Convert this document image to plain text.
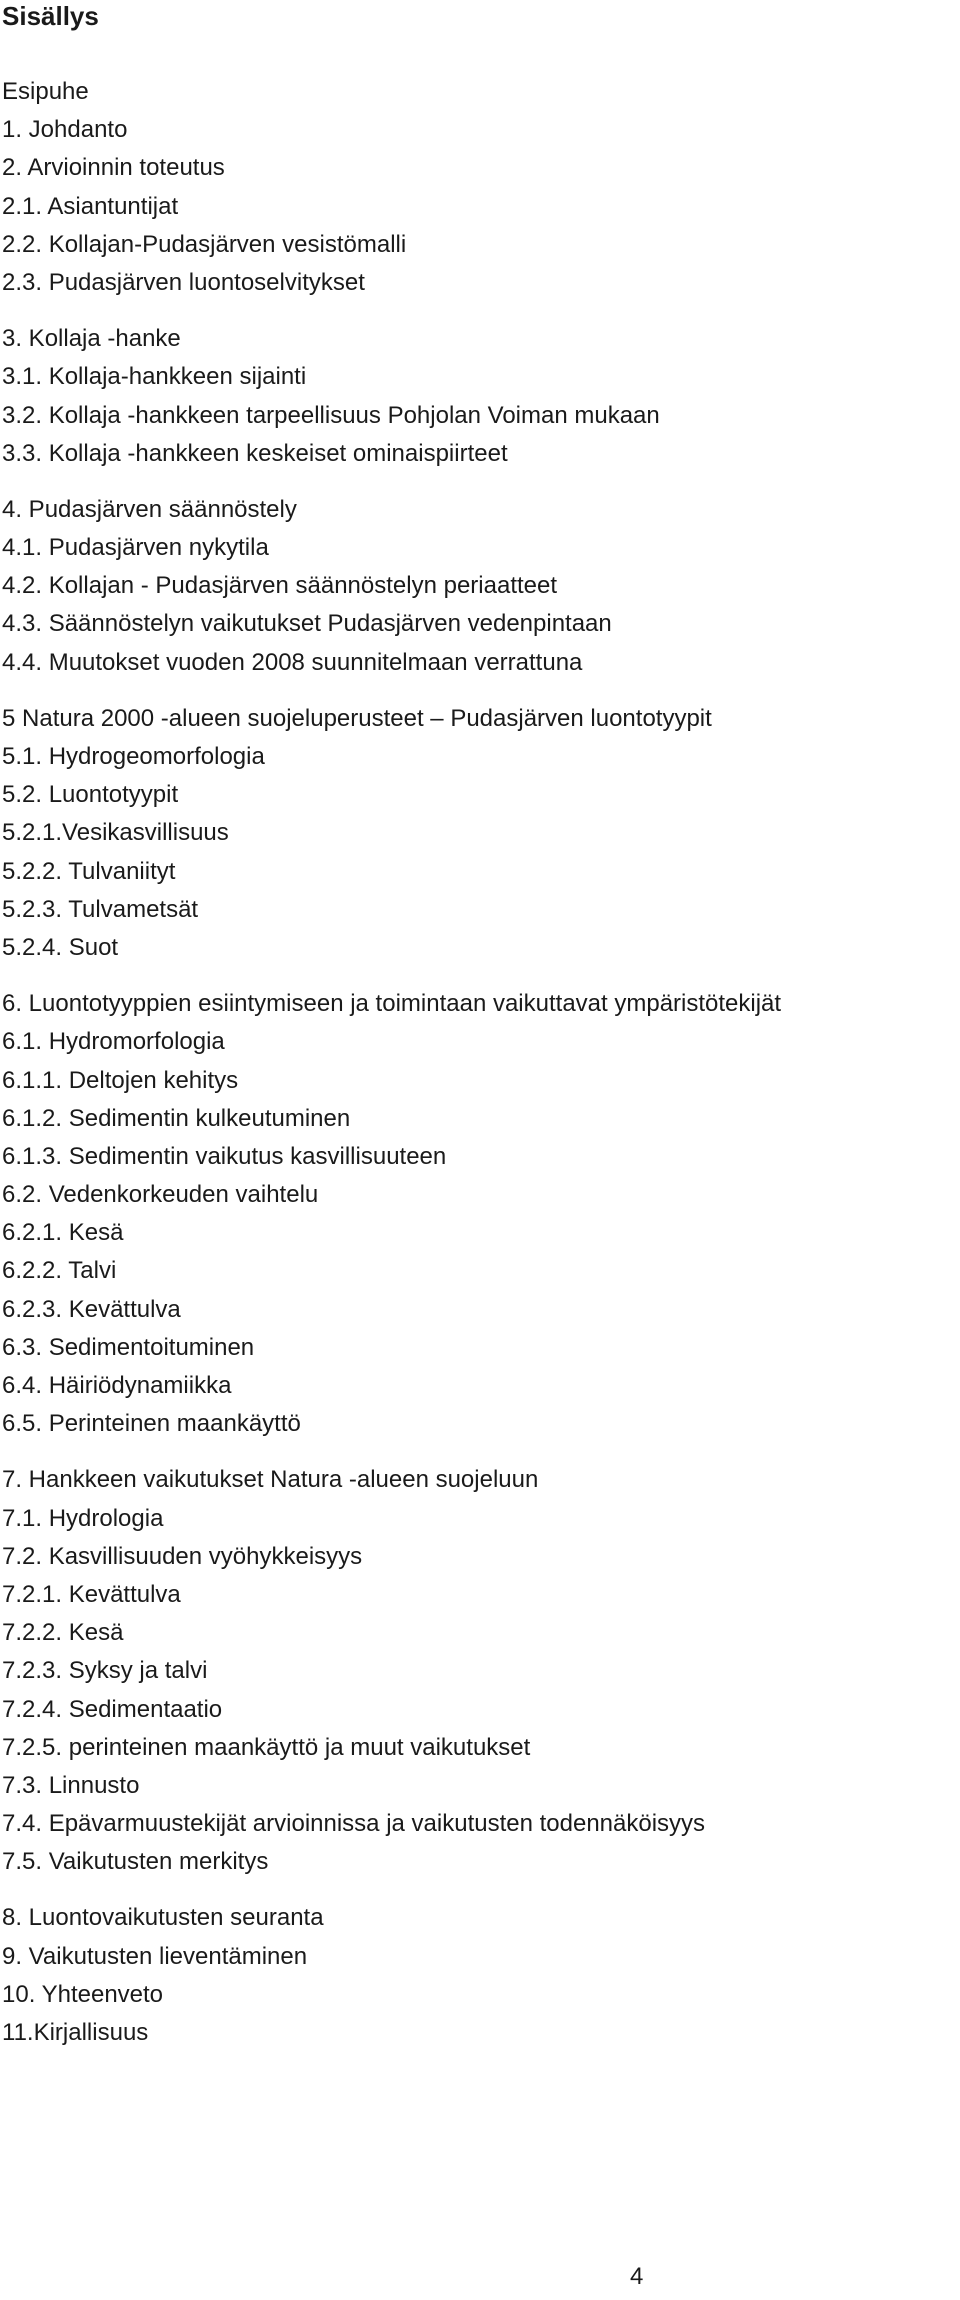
Sisällys
Esipuhe
1. Johdanto
2. Arvioinnin toteutus
2.1. Asiantuntijat
2.2. Kollajan-Pudasjärven vesistömalli
2.3. Pudasjärven luontoselvitykset
3. Kollaja -hanke
3.1. Kollaja-hankkeen sijainti
3.2. Kollaja -hankkeen tarpeellisuus Pohjolan Voiman mukaan
3.3. Kollaja -hankkeen keskeiset ominaispiirteet
4. Pudasjärven säännöstely
4.1. Pudasjärven nykytila
4.2. Kollajan - Pudasjärven säännöstelyn periaatteet
4.3. Säännöstelyn vaikutukset Pudasjärven vedenpintaan
4.4. Muutokset vuoden 2008 suunnitelmaan verrattuna
5 Natura 2000 -alueen suojeluperusteet – Pudasjärven luontotyypit
5.1. Hydrogeomorfologia
5.2. Luontotyypit
5.2.1.Vesikasvillisuus
5.2.2. Tulvaniityt
5.2.3. Tulvametsät
5.2.4. Suot
6. Luontotyyppien esiintymiseen ja toimintaan vaikuttavat ympäristötekijät
6.1. Hydromorfologia
6.1.1. Deltojen kehitys
6.1.2. Sedimentin kulkeutuminen
6.1.3. Sedimentin vaikutus kasvillisuuteen
6.2. Vedenkorkeuden vaihtelu
6.2.1. Kesä
6.2.2. Talvi
6.2.3. Kevättulva
6.3. Sedimentoituminen
6.4. Häiriödynamiikka
6.5. Perinteinen maankäyttö
7. Hankkeen vaikutukset Natura -alueen suojeluun
7.1. Hydrologia
7.2. Kasvillisuuden vyöhykkeisyys
7.2.1. Kevättulva
7.2.2. Kesä
7.2.3. Syksy ja talvi
7.2.4. Sedimentaatio
7.2.5. perinteinen maankäyttö ja muut vaikutukset
7.3. Linnusto
7.4. Epävarmuustekijät arvioinnissa ja vaikutusten todennäköisyys
7.5. Vaikutusten merkitys
8. Luontovaikutusten seuranta
9. Vaikutusten lieventäminen
10. Yhteenveto
11.Kirjallisuus
4
